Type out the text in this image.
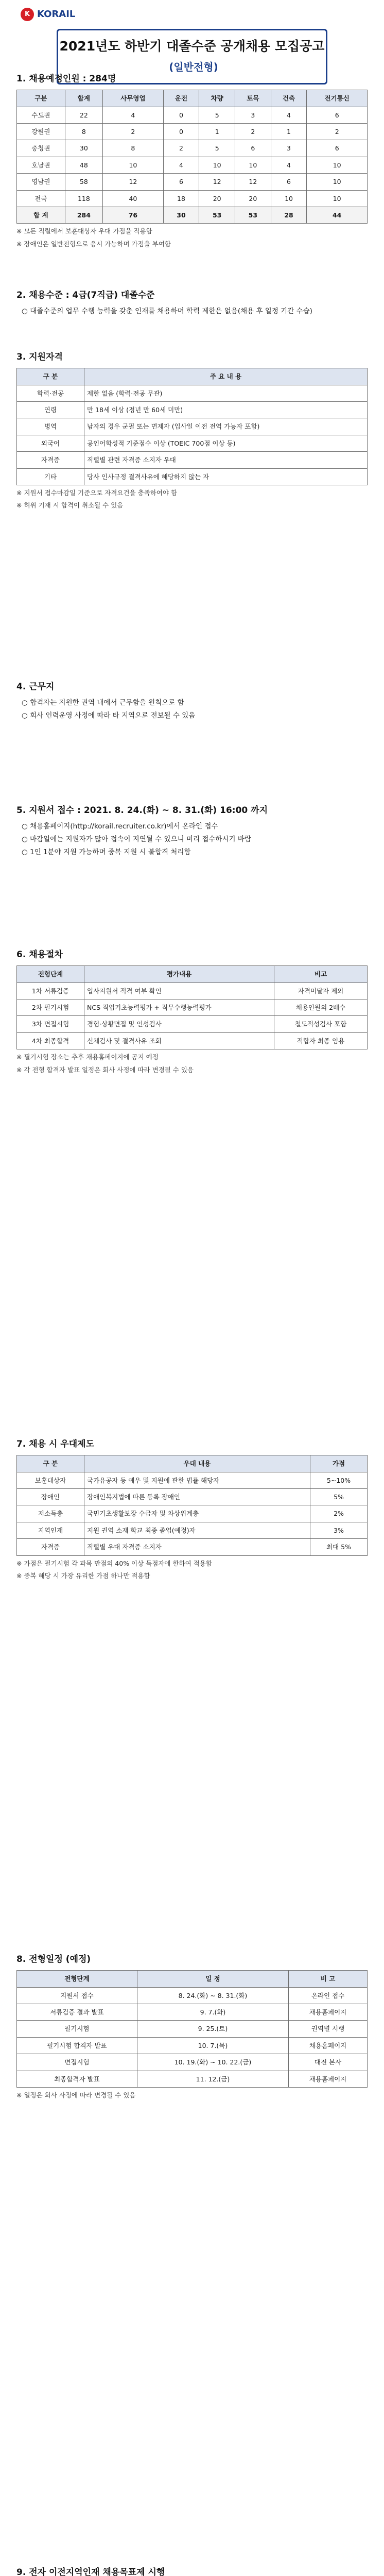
K KORAIL
2021년도 하반기 대졸수준 공개채용 모집공고(일반전형)
1. 채용예정인원 : 284명
구분	합계	사무영업	운전	차량	토목	건축	전기통신
수도권	22	4	0	5	3	4	6
강원권	8	2	0	1	2	1	2
충청권	30	8	2	5	6	3	6
호남권	48	10	4	10	10	4	10
영남권	58	12	6	12	12	6	10
전국	118	40	18	20	20	10	10
합 계	284	76	30	53	53	28	44
※ 모든 직렬에서 보훈대상자 우대 가점을 적용함
※ 장애인은 일반전형으로 응시 가능하며 가점을 부여함
2. 채용수준 : 4급(7직급) 대졸수준
○ 대졸수준의 업무 수행 능력을 갖춘 인재를 채용하며 학력 제한은 없음(채용 후 일정 기간 수습)
3. 지원자격
구 분	주 요 내 용
학력·전공	제한 없음 (학력·전공 무관)
연령	만 18세 이상 (정년 만 60세 미만)
병역	남자의 경우 군필 또는 면제자 (입사일 이전 전역 가능자 포함)
외국어	공인어학성적 기준점수 이상 (TOEIC 700점 이상 등)
자격증	직렬별 관련 자격증 소지자 우대
기타	당사 인사규정 결격사유에 해당하지 않는 자
※ 지원서 접수마감일 기준으로 자격요건을 충족하여야 함
※ 허위 기재 시 합격이 취소될 수 있음
4. 근무지
○ 합격자는 지원한 권역 내에서 근무함을 원칙으로 함
○ 회사 인력운영 사정에 따라 타 지역으로 전보될 수 있음
5. 지원서 접수 : 2021. 8. 24.(화) ~ 8. 31.(화) 16:00 까지
○ 채용홈페이지(http://korail.recruiter.co.kr)에서 온라인 접수
○ 마감일에는 지원자가 많아 접속이 지연될 수 있으니 미리 접수하시기 바람
○ 1인 1분야 지원 가능하며 중복 지원 시 불합격 처리함
6. 채용절차
전형단계	평가내용	비고
1차 서류검증	입사지원서 적격 여부 확인	자격미달자 제외
2차 필기시험	NCS 직업기초능력평가 + 직무수행능력평가	채용인원의 2배수
3차 면접시험	경험·상황면접 및 인성검사	철도적성검사 포함
4차 최종합격	신체검사 및 결격사유 조회	적합자 최종 임용
※ 필기시험 장소는 추후 채용홈페이지에 공지 예정
※ 각 전형 합격자 발표 일정은 회사 사정에 따라 변경될 수 있음
7. 채용 시 우대제도
구 분	우대 내용	가점
보훈대상자	국가유공자 등 예우 및 지원에 관한 법률 해당자	5~10%
장애인	장애인복지법에 따른 등록 장애인	5%
저소득층	국민기초생활보장 수급자 및 차상위계층	2%
지역인재	지원 권역 소재 학교 최종 졸업(예정)자	3%
자격증	직렬별 우대 자격증 소지자	최대 5%
※ 가점은 필기시험 각 과목 만점의 40% 이상 득점자에 한하여 적용함
※ 중복 해당 시 가장 유리한 가점 하나만 적용함
8. 전형일정 (예정)
전형단계	일 정	비 고
지원서 접수	8. 24.(화) ~ 8. 31.(화)	온라인 접수
서류검증 결과 발표	9. 7.(화)	채용홈페이지
필기시험	9. 25.(토)	권역별 시행
필기시험 합격자 발표	10. 7.(목)	채용홈페이지
면접시험	10. 19.(화) ~ 10. 22.(금)	대전 본사
최종합격자 발표	11. 12.(금)	채용홈페이지
※ 일정은 회사 사정에 따라 변경될 수 있음
9. 전자 이전지역인재 채용목표제 시행
